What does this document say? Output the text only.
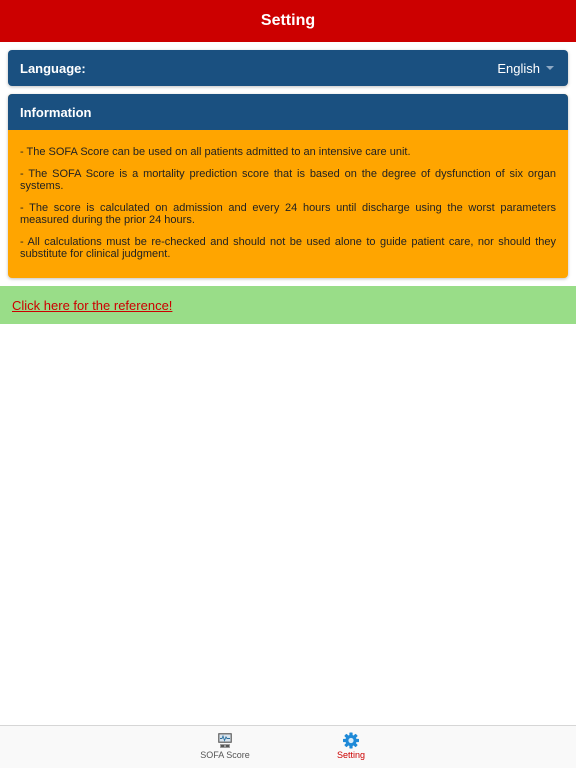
Setting
Language:	English
Information

- The SOFA Score can be used on all patients admitted to an intensive care unit.

- The SOFA Score is a mortality prediction score that is based on the degree of dysfunction of six organ systems.

- The score is calculated on admission and every 24 hours until discharge using the worst parameters measured during the prior 24 hours.

- All calculations must be re-checked and should not be used alone to guide patient care, nor should they substitute for clinical judgment.

Click here for the reference!
SOFA Score	Setting
